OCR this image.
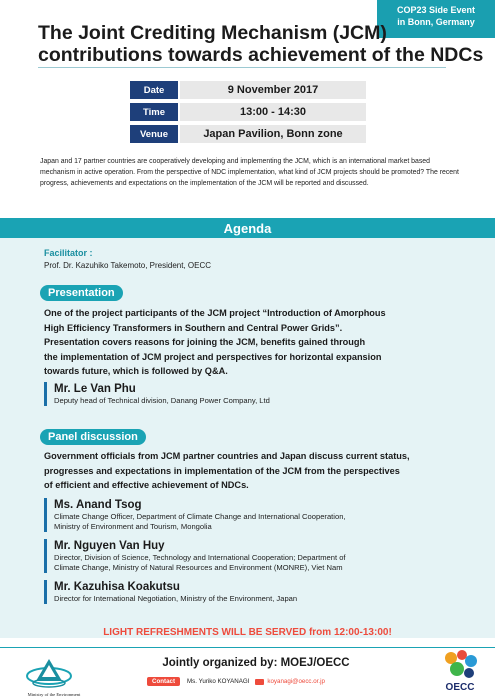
COP23 Side Event
in Bonn, Germany
The Joint Crediting Mechanism (JCM)
contributions towards achievement of the NDCs
Date	9 November 2017
Time	13:00 - 14:30
Venue	Japan Pavilion, Bonn zone
Japan and 17 partner countries are cooperatively developing and implementing the JCM, which is an international market based mechanism in active operation. From the perspective of NDC implementation, what kind of JCM projects should be promoted? The recent progress, achievements and expectations on the implementation of the JCM will be reported and discussed.
Agenda
Facilitator :
Prof. Dr. Kazuhiko Takemoto, President, OECC
Presentation
One of the project participants of the JCM project “Introduction of Amorphous
High Efficiency Transformers in Southern and Central Power Grids”.
Presentation covers reasons for joining the JCM, benefits gained through
the implementation of JCM project and perspectives for horizontal expansion
towards future, which is followed by Q&A.
Mr. Le Van Phu
Deputy head of Technical division, Danang Power Company, Ltd
Panel discussion
Government officials from JCM partner countries and Japan discuss current status,
progresses and expectations in implementation of the JCM from the perspectives
of efficient and effective achievement of NDCs.
Ms. Anand Tsog
Climate Change Officer, Department of Climate Change and International Cooperation,
Ministry of Environment and Tourism, Mongolia
Mr. Nguyen Van Huy
Director, Division of Science, Technology and International Cooperation; Department of
Climate Change, Ministry of Natural Resources and Environment (MONRE), Viet Nam
Mr. Kazuhisa Koakutsu
Director for International Negotiation, Ministry of the Environment, Japan
LIGHT REFRESHMENTS WILL BE SERVED from 12:00-13:00!
Ministry of the Environment
Jointly organized by: MOEJ/OECC
Contact	Ms. Yuriko KOYANAGI	koyanagi@oecc.or.jp
OECC
